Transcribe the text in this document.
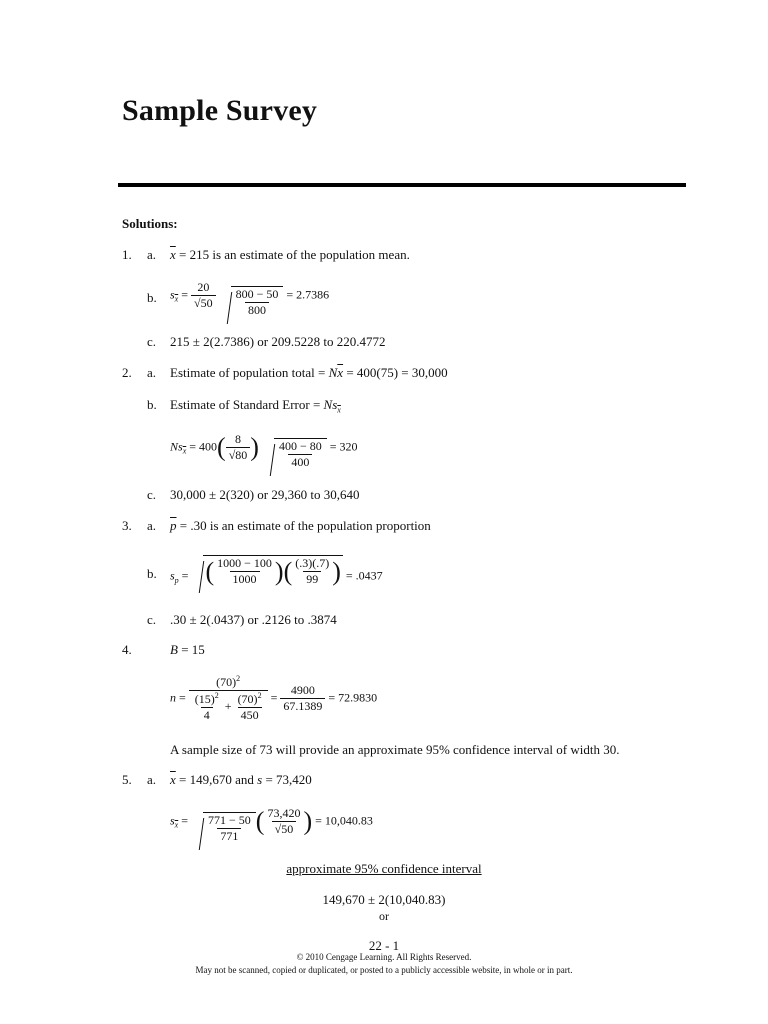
Sample Survey
Solutions:
1. a. $\overline{x} = 215$ is an estimate of the population mean.
b. $s_{\overline{x}} = \frac{20}{√50}$
$\frac{800 - 50}{800} = 2.7386$
c. 215 ± 2(2.7386) or 209.5228 to 220.4772
2. a. Estimate of population total = $N\overline{x} = 400(75) = 30,000$
b. Estimate of Standard Error = $Ns_{\overline{x}}$
$Ns_{\overline{x}} = 400( \frac{8}{√80}$ ) $\frac{400 - 80}{400} = 320$
c. 30,000 ± 2(320) or 29,360 to 30,640
3. a. $\overline{p} = .30$ is an estimate of the population proportion
b. $s_p$ = ( $\frac{1000 - 100}{1000}$ ) ( $\frac{(.3)(.7)}{99}$ ) = .0437
c. .30 ± 2(.0437) or .2126 to .3874
4.	B = 15
$n = \frac{(70)^2}{\frac{(15)^2}{4} + \frac{(70)^2}{450}} = \frac{4900}{67.1389} = 72.9830$
A sample size of 73 will provide an approximate 95% confidence interval of width 30.
5. a. $\overline{x} = 149,670$ and s = 73,420
$s_{\overline{x}} = \frac{771 - 50}{771}$ ( $\frac{73,420}{√50}$ ) = 10,040.83
approximate 95% confidence interval
149,670 ± 2(10,040.83)
or
22 - 1
© 2010 Cengage Learning. All Rights Reserved.
May not be scanned, copied or duplicated, or posted to a publicly accessible website, in whole or in part.
